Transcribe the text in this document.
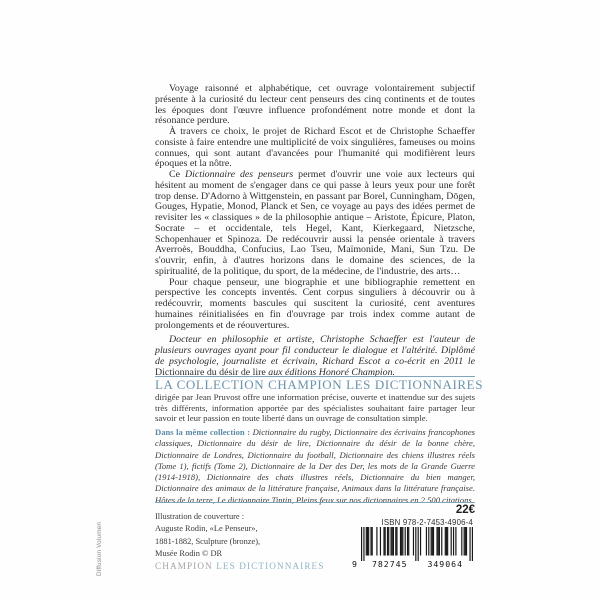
Voyage raisonné et alphabétique, cet ouvrage volontairement subjectif présente à la curiosité du lecteur cent penseurs des cinq continents et de toutes les époques dont l'œuvre influence profondément notre monde et dont la résonance perdure.

À travers ce choix, le projet de Richard Escot et de Christophe Schaeffer consiste à faire entendre une multiplicité de voix singulières, fameuses ou moins connues, qui sont autant d'avancées pour l'humanité qui modifièrent leurs époques et la nôtre.

Ce Dictionnaire des penseurs permet d'ouvrir une voie aux lecteurs qui hésitent au moment de s'engager dans ce qui passe à leurs yeux pour une forêt trop dense. D'Adorno à Wittgenstein, en passant par Borel, Cunningham, Dōgen, Gouges, Hypatie, Monod, Planck et Sen, ce voyage au pays des idées permet de revisiter les « classiques » de la philosophie antique – Aristote, Épicure, Platon, Socrate – et occidentale, tels Hegel, Kant, Kierkegaard, Nietzsche, Schopenhauer et Spinoza. De redécouvrir aussi la pensée orientale à travers Averroès, Bouddha, Confucius, Lao Tseu, Maïmonide, Mani, Sun Tzu. De s'ouvrir, enfin, à d'autres horizons dans le domaine des sciences, de la spiritualité, de la politique, du sport, de la médecine, de l'industrie, des arts…

Pour chaque penseur, une biographie et une bibliographie remettent en perspective les concepts inventés. Cent corpus singuliers à découvrir ou à redécouvrir, moments bascules qui suscitent la curiosité, cent aventures humaines réinitialisées en fin d'ouvrage par trois index comme autant de prolongements et de réouvertures.

Docteur en philosophie et artiste, Christophe Schaeffer est l'auteur de plusieurs ouvrages ayant pour fil conducteur le dialogue et l'altérité. Diplômé de psychologie, journaliste et écrivain, Richard Escot a co-écrit en 2011 le Dictionnaire du désir de lire aux éditions Honoré Champion.

LA COLLECTION CHAMPION LES DICTIONNAIRES

dirigée par Jean Pruvost offre une information précise, ouverte et inattendue sur des sujets très différents, information apportée par des spécialistes souhaitant faire partager leur savoir et leur passion en toute liberté dans un ouvrage de consultation simple.

Dans la même collection : Dictionnaire du rugby, Dictionnaire des écrivains francophones classiques, Dictionnaire du désir de lire, Dictionnaire du désir de la bonne chère, Dictionnaire de Londres, Dictionnaire du football, Dictionnaire des chiens illustres réels (Tome 1), fictifs (Tome 2), Dictionnaire de la Der des Der, les mots de la Grande Guerre (1914-1918), Dictionnaire des chats illustres réels, Dictionnaire du bien manger, Dictionnaire des animaux de la littérature française, Animaux dans la littérature française. Hôtes de la terre, Le dictionnaire Tintin, Pleins feux sur nos dictionnaires en 2 500 citations.

Illustration de couverture :
Auguste Rodin, «Le Penseur»,
1881-1882, Sculpture (bronze),
Musée Rodin © DR
CHAMPION LES DICTIONNAIRES
22€
ISBN 978-2-7453-4906-4
9	782745	349064
Diffusion Volumen
